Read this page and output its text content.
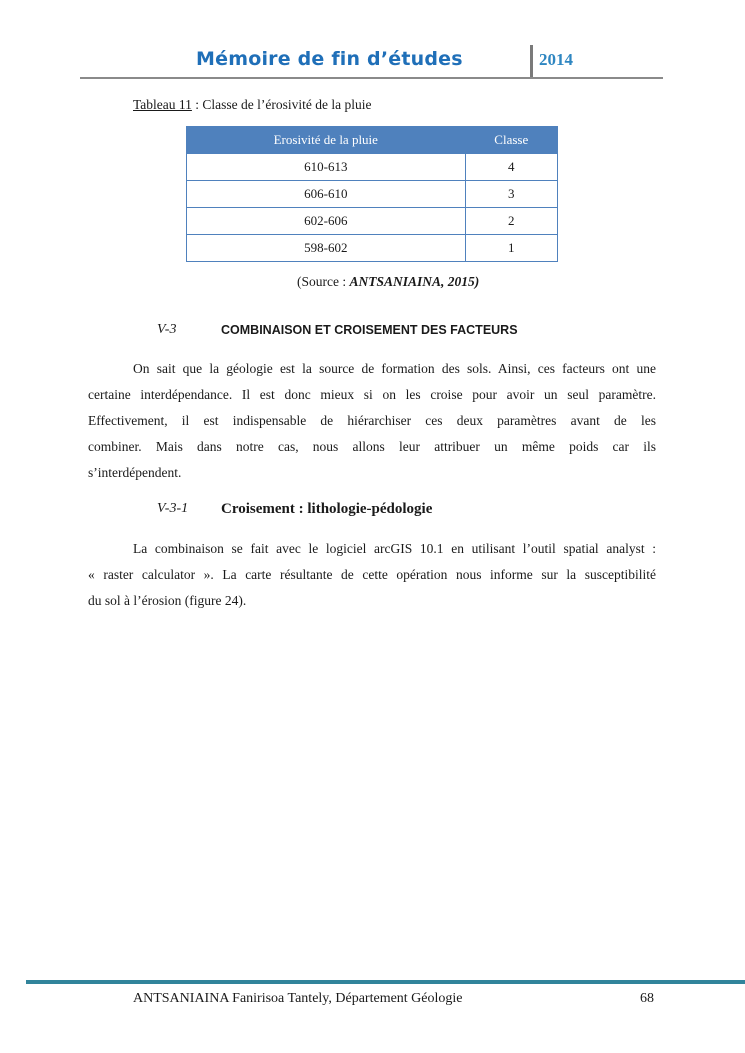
Mémoire de fin d’études	2014
Tableau 11 : Classe de l’érosivité de la pluie
Erosivité de la pluie	Classe
610-613	4
606-610	3
602-606	2
598-602	1
(Source : ANTSANIAINA, 2015)
V-3	COMBINAISON ET CROISEMENT DES FACTEURS
On sait que la géologie est la source de formation des sols. Ainsi, ces facteurs ont une
certaine interdépendance. Il est donc mieux si on les croise pour avoir un seul paramètre.
Effectivement, il est indispensable de hiérarchiser ces deux paramètres avant de les
combiner. Mais dans notre cas, nous allons leur attribuer un même poids car ils
s’interdépendent.
V-3-1 Croisement : lithologie-pédologie
La combinaison se fait avec le logiciel arcGIS 10.1 en utilisant l’outil spatial analyst :
« raster calculator ». La carte résultante de cette opération nous informe sur la susceptibilité
du sol à l’érosion (figure 24).
ANTSANIAINA Fanirisoa Tantely, Département Géologie	68
